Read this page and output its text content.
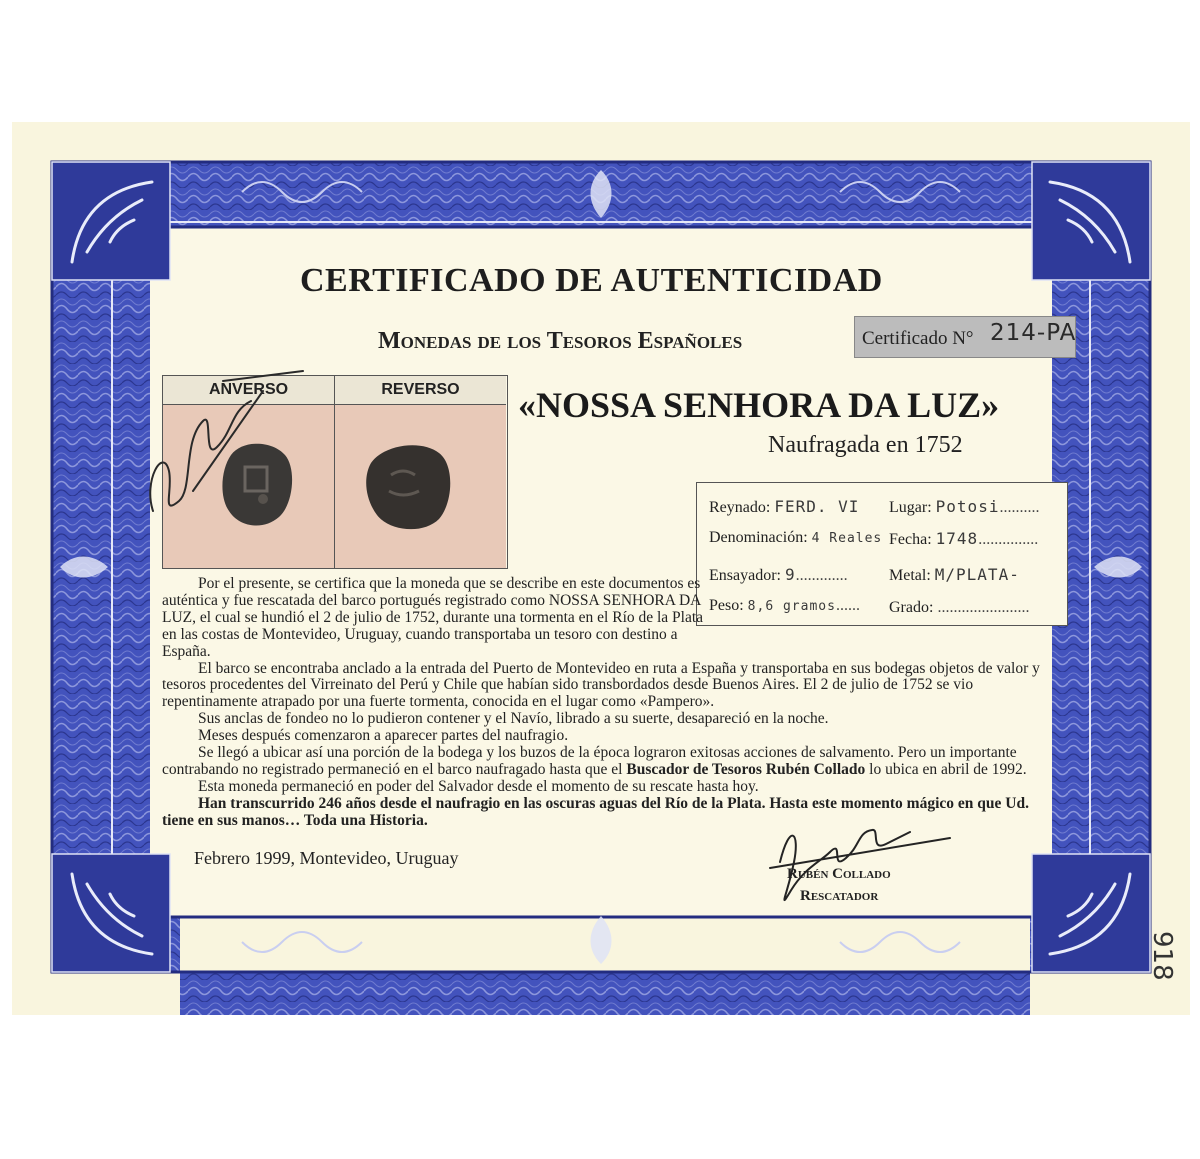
CERTIFICADO DE AUTENTICIDAD
Monedas de los Tesoros Españoles	Certificado N° 214-PA
«NOSSA SENHORA DA LUZ»
Naufragada en 1752
ANVERSO	REVERSO
Reynado: FERD. VI Lugar: Potosi..........
Denominación: 4 Reales Fecha: 1748...............
Ensayador: 9.............	Metal: M/PLATA-
Peso: 8,6 gramos...... Grado: .......................

Por el presente, se certifica que la moneda que se describe en este documentos es auténtica y fue rescatada del barco portugués registrado como NOSSA SENHORA DA LUZ, el cual se hundió el 2 de julio de 1752, durante una tormenta en el Río de la Plata en las costas de Montevideo, Uruguay, cuando transportaba un tesoro con destino a España.

El barco se encontraba anclado a la entrada del Puerto de Montevideo en ruta a España y transportaba en sus bodegas objetos de valor y tesoros procedentes del Virreinato del Perú y Chile que habían sido transbordados desde Buenos Aires. El 2 de julio de 1752 se vio repentinamente atrapado por una fuerte tormenta, conocida en el lugar como «Pampero».

Sus anclas de fondeo no lo pudieron contener y el Navío, librado a su suerte, desapareció en la noche.

Meses después comenzaron a aparecer partes del naufragio.

Se llegó a ubicar así una porción de la bodega y los buzos de la época lograron exitosas acciones de salvamento. Pero un importante contrabando no registrado permaneció en el barco naufragado hasta que el Buscador de Tesoros Rubén Collado lo ubica en abril de 1992.

Esta moneda permaneció en poder del Salvador desde el momento de su rescate hasta hoy.

Han transcurrido 246 años desde el naufragio en las oscuras aguas del Río de la Plata. Hasta este momento mágico en que Ud. tiene en sus manos… Toda una Historia.

Febrero 1999, Montevideo, Uruguay
Rubén Collado
Rescatador
918
